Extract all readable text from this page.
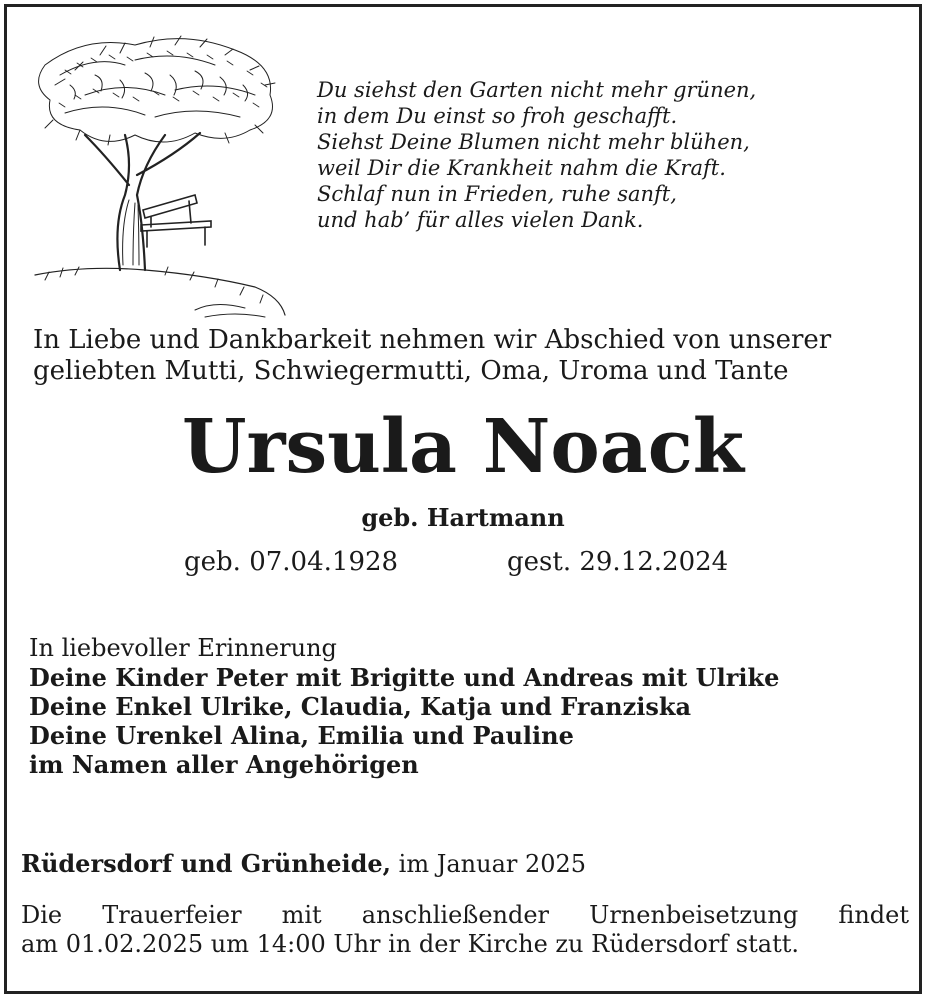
Du siehst den Garten nicht mehr grünen,
in dem Du einst so froh geschafft.
Siehst Deine Blumen nicht mehr blühen,
weil Dir die Krankheit nahm die Kraft.
Schlaf nun in Frieden, ruhe sanft,
und hab’ für alles vielen Dank.
In Liebe und Dankbarkeit nehmen wir Abschied von unserer
geliebten Mutti, Schwiegermutti, Oma, Uroma und Tante
Ursula Noack
geb. Hartmann
geb. 07.04.1928	gest. 29.12.2024
In liebevoller Erinnerung
Deine Kinder Peter mit Brigitte und Andreas mit Ulrike
Deine Enkel Ulrike, Claudia, Katja und Franziska
Deine Urenkel Alina, Emilia und Pauline
im Namen aller Angehörigen
Rüdersdorf und Grünheide, im Januar 2025
Die Trauerfeier mit anschließender Urnenbeisetzung findet
am 01.02.2025 um 14:00 Uhr in der Kirche zu Rüdersdorf statt.
